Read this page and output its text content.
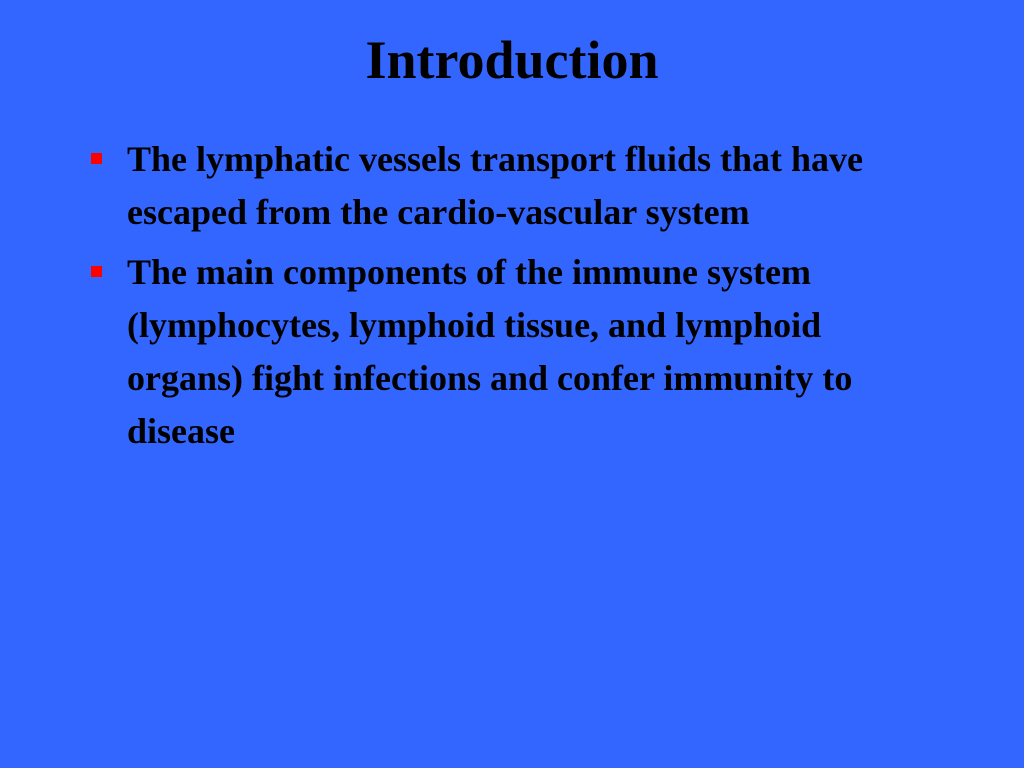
Introduction
The lymphatic vessels transport fluids that have escaped from the cardio-vascular system
The main components of the immune system (lymphocytes, lymphoid tissue, and lymphoid organs) fight infections and confer immunity to disease
